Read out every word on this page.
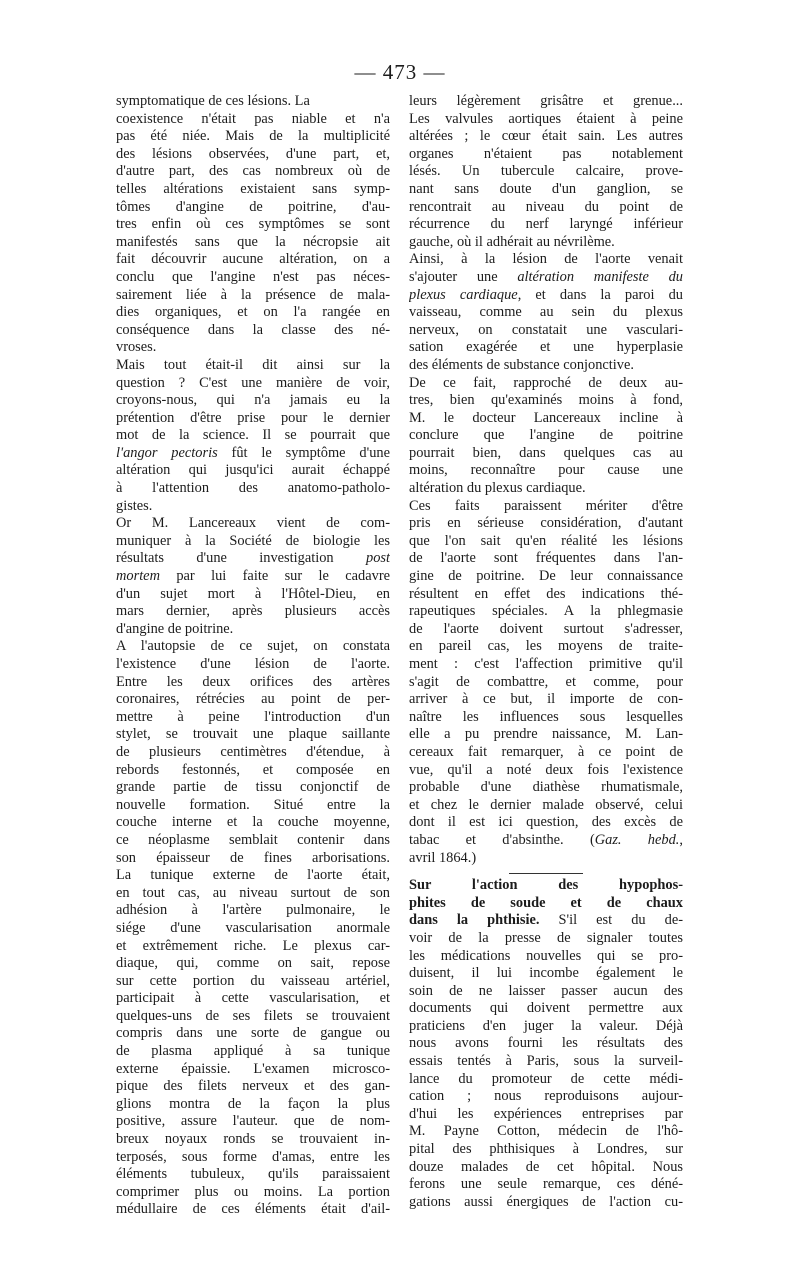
— 473 —
symptomatique de ces lésions. La
coexistence n'était pas niable et n'a
pas été niée. Mais de la multiplicité
des lésions observées, d'une part, et,
d'autre part, des cas nombreux où de
telles altérations existaient sans symp-
tômes d'angine de poitrine, d'au-
tres enfin où ces symptômes se sont
manifestés sans que la nécropsie ait
fait découvrir aucune altération, on a
conclu que l'angine n'est pas néces-
sairement liée à la présence de mala-
dies organiques, et on l'a rangée en
conséquence dans la classe des né-
vroses.
Mais tout était-il dit ainsi sur la
question ? C'est une manière de voir,
croyons-nous, qui n'a jamais eu la
prétention d'être prise pour le dernier
mot de la science. Il se pourrait que
l'angor pectoris fût le symptôme d'une
altération qui jusqu'ici aurait échappé
à l'attention des anatomo-patholo-
gistes.
Or M. Lancereaux vient de com-
muniquer à la Société de biologie les
résultats d'une investigation post
mortem par lui faite sur le cadavre
d'un sujet mort à l'Hôtel-Dieu, en
mars dernier, après plusieurs accès
d'angine de poitrine.
A l'autopsie de ce sujet, on constata
l'existence d'une lésion de l'aorte.
Entre les deux orifices des artères
coronaires, rétrécies au point de per-
mettre à peine l'introduction d'un
stylet, se trouvait une plaque saillante
de plusieurs centimètres d'étendue, à
rebords festonnés, et composée en
grande partie de tissu conjonctif de
nouvelle formation. Situé entre la
couche interne et la couche moyenne,
ce néoplasme semblait contenir dans
son épaisseur de fines arborisations.
La tunique externe de l'aorte était,
en tout cas, au niveau surtout de son
adhésion à l'artère pulmonaire, le
siége d'une vascularisation anormale
et extrêmement riche. Le plexus car-
diaque, qui, comme on sait, repose
sur cette portion du vaisseau artériel,
participait à cette vascularisation, et
quelques-uns de ses filets se trouvaient
compris dans une sorte de gangue ou
de plasma appliqué à sa tunique
externe épaissie. L'examen microsco-
pique des filets nerveux et des gan-
glions montra de la façon la plus
positive, assure l'auteur. que de nom-
breux noyaux ronds se trouvaient in-
terposés, sous forme d'amas, entre les
éléments tubuleux, qu'ils paraissaient
comprimer plus ou moins. La portion
médullaire de ces éléments était d'ail-
leurs légèrement grisâtre et grenue...
Les valvules aortiques étaient à peine
altérées ; le cœur était sain. Les autres
organes n'étaient pas notablement
lésés. Un tubercule calcaire, prove-
nant sans doute d'un ganglion, se
rencontrait au niveau du point de
récurrence du nerf laryngé inférieur
gauche, où il adhérait au névrilème.
Ainsi, à la lésion de l'aorte venait
s'ajouter une altération manifeste du
plexus cardiaque, et dans la paroi du
vaisseau, comme au sein du plexus
nerveux, on constatait une vasculari-
sation exagérée et une hyperplasie
des éléments de substance conjonctive.
De ce fait, rapproché de deux au-
tres, bien qu'examinés moins à fond,
M. le docteur Lancereaux incline à
conclure que l'angine de poitrine
pourrait bien, dans quelques cas au
moins, reconnaître pour cause une
altération du plexus cardiaque.
Ces faits paraissent mériter d'être
pris en sérieuse considération, d'autant
que l'on sait qu'en réalité les lésions
de l'aorte sont fréquentes dans l'an-
gine de poitrine. De leur connaissance
résultent en effet des indications thé-
rapeutiques spéciales. A la phlegmasie
de l'aorte doivent surtout s'adresser,
en pareil cas, les moyens de traite-
ment : c'est l'affection primitive qu'il
s'agit de combattre, et comme, pour
arriver à ce but, il importe de con-
naître les influences sous lesquelles
elle a pu prendre naissance, M. Lan-
cereaux fait remarquer, à ce point de
vue, qu'il a noté deux fois l'existence
probable d'une diathèse rhumatismale,
et chez le dernier malade observé, celui
dont il est ici question, des excès de
tabac et d'absinthe. (Gaz. hebd.,
avril 1864.)
Sur l'action des hypophos-
phites de soude et de chaux
dans la phthisie. S'il est du de-
voir de la presse de signaler toutes
les médications nouvelles qui se pro-
duisent, il lui incombe également le
soin de ne laisser passer aucun des
documents qui doivent permettre aux
praticiens d'en juger la valeur. Déjà
nous avons fourni les résultats des
essais tentés à Paris, sous la surveil-
lance du promoteur de cette médi-
cation ; nous reproduisons aujour-
d'hui les expériences entreprises par
M. Payne Cotton, médecin de l'hô-
pital des phthisiques à Londres, sur
douze malades de cet hôpital. Nous
ferons une seule remarque, ces déné-
gations aussi énergiques de l'action cu-
